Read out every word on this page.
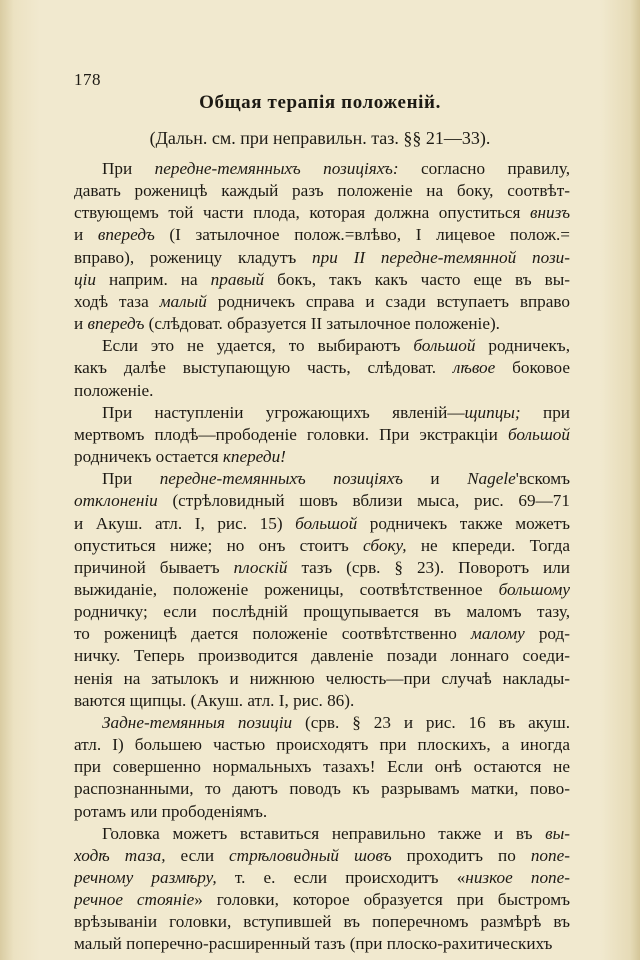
178
Общая терапія положеній.
(Дальн. см. при неправильн. таз. §§ 21—33).
При передне-темянныхъ позиціяхъ: согласно правилу,
давать роженицѣ каждый разъ положеніе на боку, соотвѣт-
ствующемъ той части плода, которая должна опуститься внизъ
и впередъ (I затылочное полож.=влѣво, I лицевое полож.=
вправо), роженицу кладутъ при II передне-темянной пози-
ціи наприм. на правый бокъ, такъ какъ часто еще въ вы-
ходѣ таза малый родничекъ справа и сзади вступаетъ вправо
и впередъ (слѣдоват. образуется II затылочное положеніе).
Если это не удается, то выбираютъ большой родничекъ,
какъ далѣе выступающую часть, слѣдоват. лѣвое боковое
положеніе.
При наступленіи угрожающихъ явленій—щипцы; при
мертвомъ плодѣ—прободеніе головки. При экстракціи большой
родничекъ остается кпереди!
При передне-темянныхъ позиціяхъ и Nagele'вскомъ
отклоненіи (стрѣловидный шовъ вблизи мыса, рис. 69—71
и Акуш. атл. I, рис. 15) большой родничекъ также можетъ
опуститься ниже; но онъ стоитъ сбоку, не кпереди. Тогда
причиной бываетъ плоскій тазъ (срв. § 23). Поворотъ или
выжиданіе, положеніе роженицы, соотвѣтственное большому
родничку; если послѣдній прощупывается въ маломъ тазу,
то роженицѣ дается положеніе соотвѣтственно малому род-
ничку. Теперь производится давленіе позади лоннаго соеди-
ненія на затылокъ и нижнюю челюсть—при случаѣ наклады-
ваются щипцы. (Акуш. атл. I, рис. 86).
Задне-темянныя позиціи (срв. § 23 и рис. 16 въ акуш.
атл. I) большею частью происходятъ при плоскихъ, а иногда
при совершенно нормальныхъ тазахъ! Если онѣ остаются не
распознанными, то даютъ поводъ къ разрывамъ матки, пово-
ротамъ или прободеніямъ.
Головка можетъ вставиться неправильно также и въ вы-
ходѣ таза, если стрѣловидный шовъ проходитъ по попе-
речному размѣру, т. е. если происходитъ «низкое попе-
речное стояніе» головки, которое образуется при быстромъ
врѣзываніи головки, вступившей въ поперечномъ размѣрѣ въ
малый поперечно-расширенный тазъ (при плоско-рахитическихъ
